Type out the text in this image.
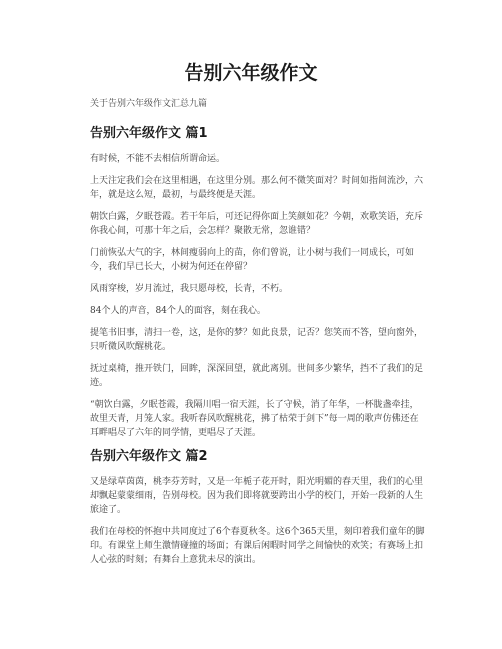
告别六年级作文

关于告别六年级作文汇总九篇

告别六年级作文 篇1

有时候，不能不去相信所谓命运。

上天注定我们会在这里相遇，在这里分别。那么何不微笑面对？时间如指间流沙，六年，就是这么短，最初，与最终便是天涯。

朝饮白露，夕眠苍霞。若干年后，可还记得你面上笑颜如花？今朝，欢歌笑语，充斥你我心间，可那十年之后，会怎样？聚散无常，忽谁错？

门前恢弘大气的字，林间瘦弱向上的苗，你们曾说，让小树与我们一同成长，可如今，我们早已长大，小树为何还在停留？

风雨穿梭，岁月流过，我只愿母校，长青，不朽。

84个人的声音，84个人的面容，刻在我心。

提笔书旧事，清扫一卷，这，是你的梦？如此良景，记否？您笑而不答，望向窗外，只听微风吹醒桃花。

抚过桌椅，推开铁门，回眸，深深回望，就此离别。世间多少繁华，挡不了我们的足迹。

“朝饮白露，夕眠苍霞，我隔川唱一宿天涯，长了守候，消了年华，一杯胧盏牵挂，故里天青，月笼人家。我听春风吹醒桃花，拂了枯荣于剑下”每一周的歌声仿佛还在耳畔唱尽了六年的同学情，更唱尽了天涯。

告别六年级作文 篇2

又是绿草茵茵，桃李芬芳时，又是一年栀子花开时，阳光明媚的春天里，我们的心里却飘起蒙蒙细雨，告别母校。因为我们即将就要跨出小学的校门，开始一段新的人生旅途了。

我们在母校的怀抱中共同度过了6个春夏秋冬。这6个365天里，刻印着我们童年的脚印。有课堂上师生激情碰撞的场面；有课后闲暇时同学之间愉快的欢笑；有赛场上扣人心弦的时刻；有舞台上意犹未尽的演出。
